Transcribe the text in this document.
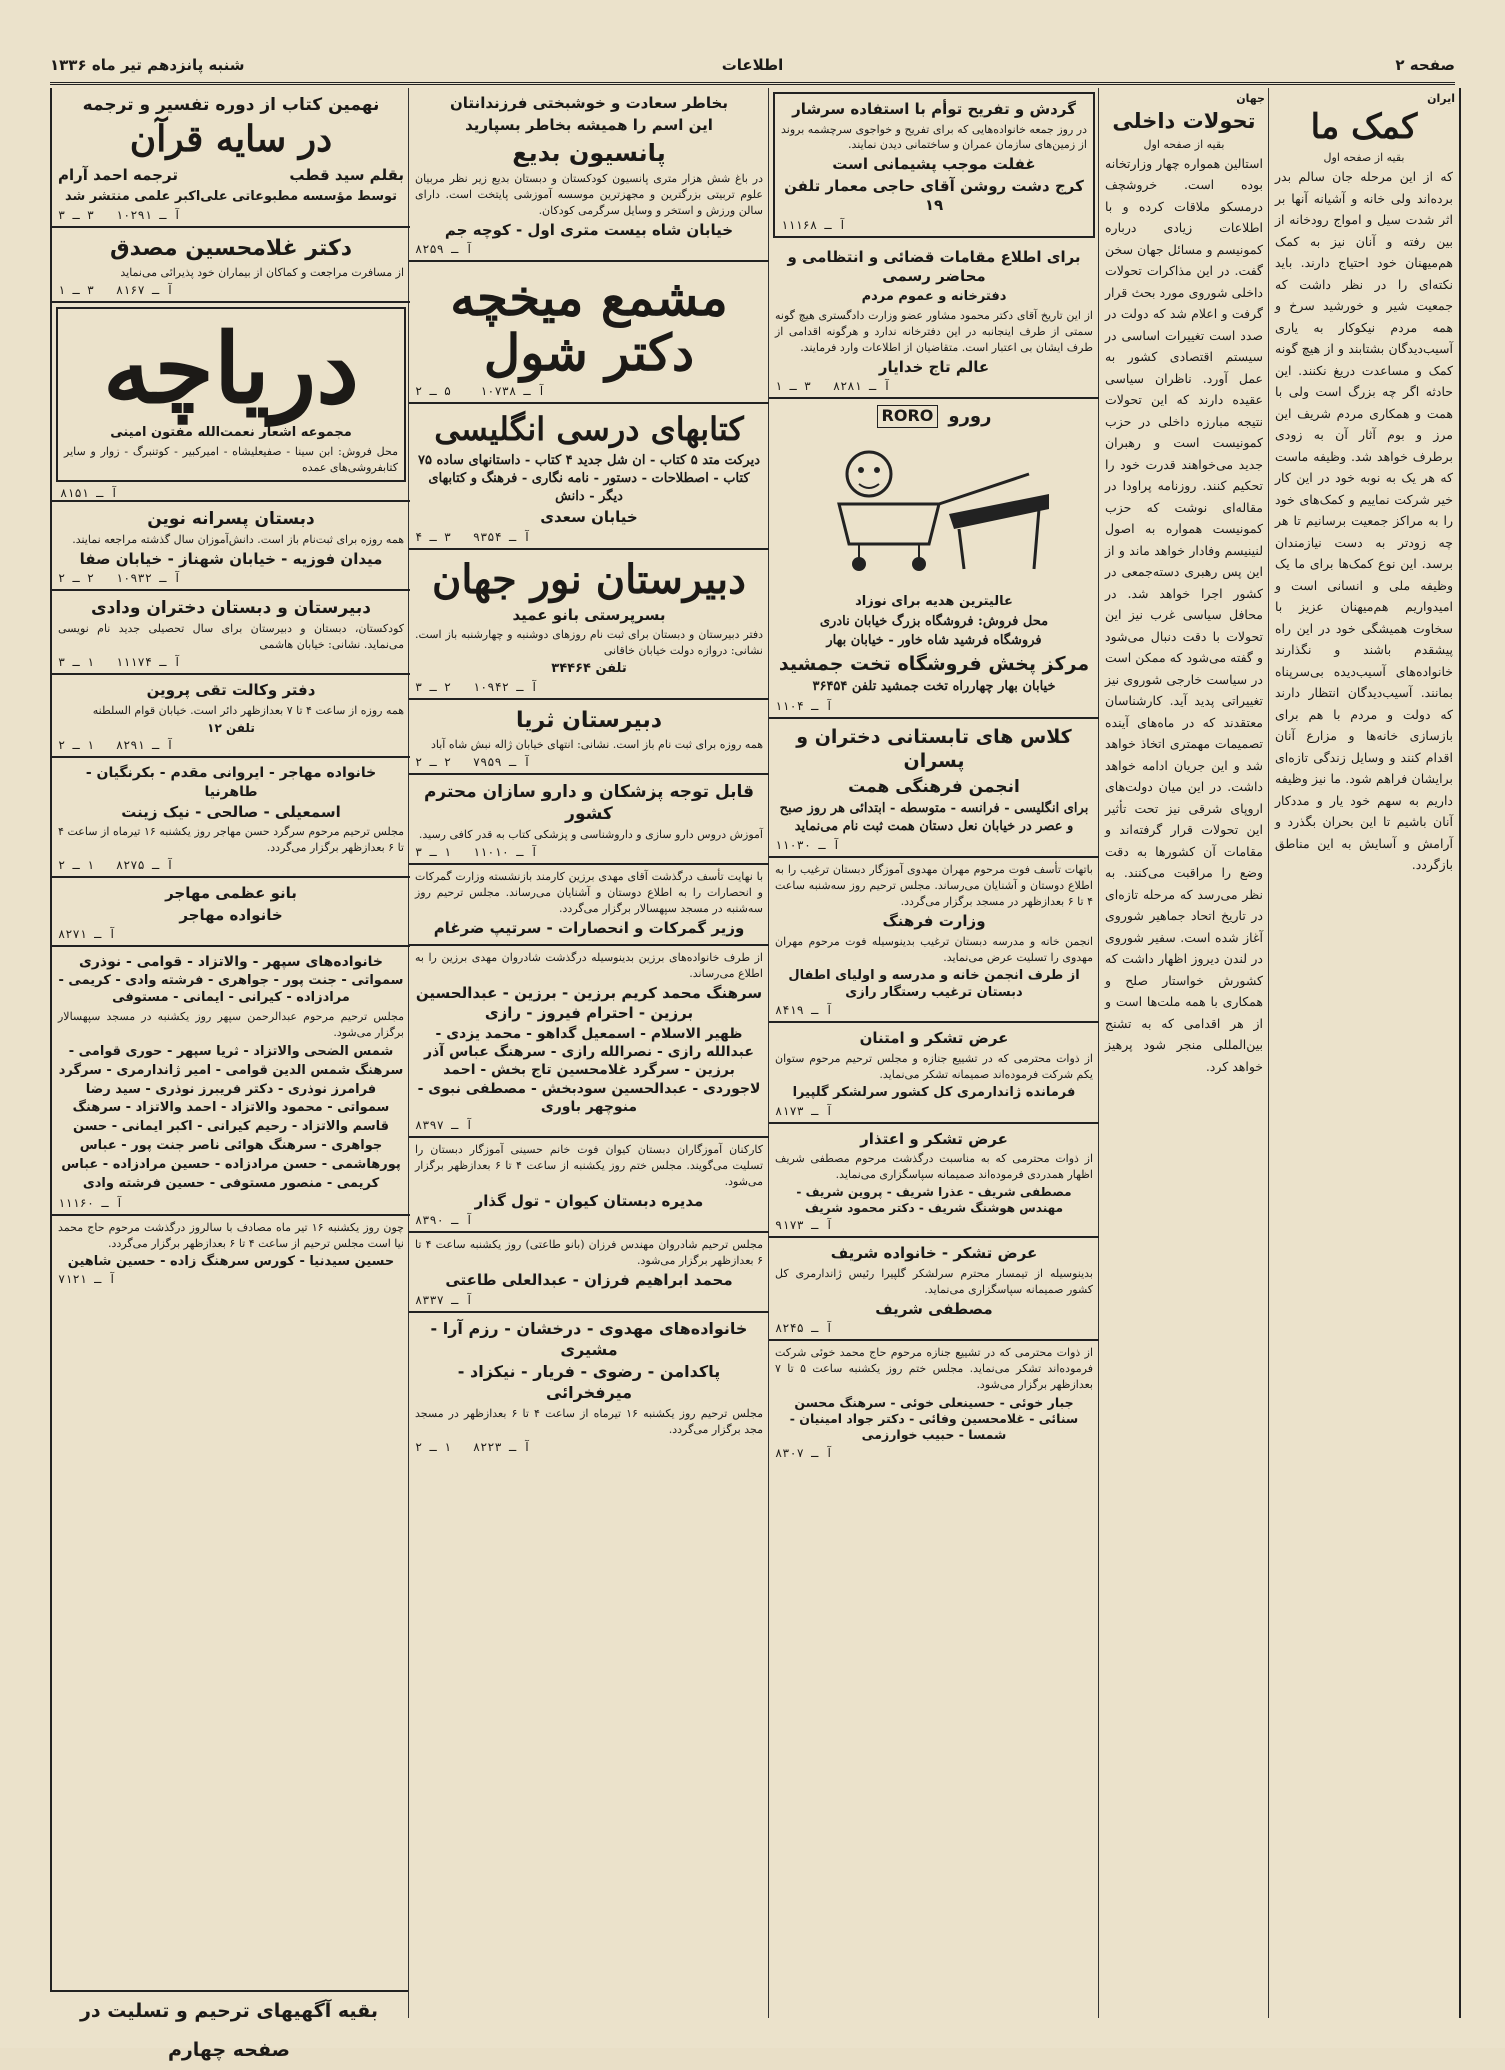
صفحه ۲
اطلاعات
شنبه پانزدهم تیر ماه ۱۳۳۶
ایران
کمک ما
بقیه از صفحه اول
که از این مرحله جان سالم بدر برده‌اند ولی خانه و آشیانه آنها بر اثر شدت سیل و امواج رودخانه از بین رفته و آنان نیز به کمک هم‌میهنان خود احتیاج دارند. باید نکته‌ای را در نظر داشت که جمعیت شیر و خورشید سرخ و همه مردم نیکوکار به یاری آسیب‌دیدگان بشتابند و از هیچ گونه کمک و مساعدت دریغ نکنند. این حادثه اگر چه بزرگ است ولی با همت و همکاری مردم شریف این مرز و بوم آثار آن به زودی برطرف خواهد شد. وظیفه ماست که هر یک به نوبه خود در این کار خیر شرکت نماییم و کمک‌های خود را به مراکز جمعیت برسانیم تا هر چه زودتر به دست نیازمندان برسد. این نوع کمک‌ها برای ما یک وظیفه ملی و انسانی است و امیدواریم هم‌میهنان عزیز با سخاوت همیشگی خود در این راه پیشقدم باشند و نگذارند خانواده‌های آسیب‌دیده بی‌سرپناه بمانند. آسیب‌دیدگان انتظار دارند که دولت و مردم با هم برای بازسازی خانه‌ها و مزارع آنان اقدام کنند و وسایل زندگی تازه‌ای برایشان فراهم شود. ما نیز وظیفه داریم به سهم خود یار و مددکار آنان باشیم تا این بحران بگذرد و آرامش و آسایش به این مناطق بازگردد.
جهان
تحولات داخلی
بقیه از صفحه اول
استالین همواره چهار وزارتخانه بوده است. خروشچف درمسکو ملاقات کرده و با اطلاعات زیادی درباره کمونیسم و مسائل جهان سخن گفت. در این مذاکرات تحولات داخلی شوروی مورد بحث قرار گرفت و اعلام شد که دولت در صدد است تغییرات اساسی در سیستم اقتصادی کشور به عمل آورد. ناظران سیاسی عقیده دارند که این تحولات نتیجه مبارزه داخلی در حزب کمونیست است و رهبران جدید می‌خواهند قدرت خود را تحکیم کنند. روزنامه پراودا در مقاله‌ای نوشت که حزب کمونیست همواره به اصول لنینیسم وفادار خواهد ماند و از این پس رهبری دسته‌جمعی در کشور اجرا خواهد شد. در محافل سیاسی غرب نیز این تحولات با دقت دنبال می‌شود و گفته می‌شود که ممکن است در سیاست خارجی شوروی نیز تغییراتی پدید آید. کارشناسان معتقدند که در ماه‌های آینده تصمیمات مهمتری اتخاذ خواهد شد و این جریان ادامه خواهد داشت. در این میان دولت‌های اروپای شرقی نیز تحت تأثیر این تحولات قرار گرفته‌اند و مقامات آن کشورها به دقت وضع را مراقبت می‌کنند. به نظر می‌رسد که مرحله تازه‌ای در تاریخ اتحاد جماهیر شوروی آغاز شده است. سفیر شوروی در لندن دیروز اظهار داشت که کشورش خواستار صلح و همکاری با همه ملت‌ها است و از هر اقدامی که به تشنج بین‌المللی منجر شود پرهیز خواهد کرد.
گردش و تفریح توأم با استفاده سرشار
در روز جمعه خانواده‌هایی که برای تفریح و خواجوی سرچشمه بروند از زمین‌های سازمان عمران و ساختمانی دیدن نمایند.
غفلت موجب پشیمانی است
کرج دشت روشن آقای حاجی معمار تلفن ۱۹
آ ـ ۱۱۱۶۸
برای اطلاع مقامات قضائی و انتظامی و محاضر رسمی
دفترخانه و عموم مردم
از این تاریخ آقای دکتر محمود مشاور عضو وزارت دادگستری هیچ گونه سمتی از طرف اینجانبه در این دفترخانه ندارد و هرگونه اقدامی از طرف ایشان بی اعتبار است. متقاضیان از اطلاعات وارد فرمایند.
عالم تاج خدایار
آ ـ ۸۲۸۱   ۳ ـ ۱
رورو
RORO
عالیترین هدیه برای نوزاد
محل فروش: فروشگاه بزرگ خیابان نادری
فروشگاه فرشید شاه خاور - خیابان بهار
مرکز پخش فروشگاه تخت جمشید
خیابان بهار چهارراه تخت جمشید تلفن ۳۶۴۵۴
آ ـ ۱۱۰۴
کلاس های تابستانی دختران و پسران
انجمن فرهنگی همت
برای انگلیسی - فرانسه - متوسطه - ابتدائی هر روز صبح و عصر در خیابان نعل دستان همت ثبت نام می‌نماید
آ ـ ۱۱۰۳۰
باتهات تأسف فوت مرحوم مهران مهدوی آموزگار دبستان ترغیب را به اطلاع دوستان و آشنایان می‌رساند. مجلس ترحیم روز سه‌شنبه ساعت ۴ تا ۶ بعدازظهر در مسجد برگزار می‌گردد.
وزارت فرهنگ
انجمن خانه و مدرسه دبستان ترغیب بدینوسیله فوت مرحوم مهران مهدوی را تسلیت عرض می‌نماید.
از طرف انجمن خانه و مدرسه و اولیای اطفال دبستان ترغیب رستگار رازی
آ ـ ۸۴۱۹
عرض تشکر و امتنان
از ذوات محترمی که در تشییع جنازه و مجلس ترحیم مرحوم ستوان یکم شرکت فرموده‌اند صمیمانه تشکر می‌نماید.
فرمانده ژاندارمری کل کشور سرلشکر گلپیرا
آ ـ ۸۱۷۳
عرض تشکر و اعتذار
از ذوات محترمی که به مناسبت درگذشت مرحوم مصطفی شریف اظهار همدردی فرموده‌اند صمیمانه سپاسگزاری می‌نماید.
مصطفی شریف - عذرا شریف - پروین شریف - مهندس هوشنگ شریف - دکتر محمود شریف
آ ـ ۹۱۷۳
عرض تشکر - خانواده شریف
بدینوسیله از تیمسار محترم سرلشکر گلپیرا رئیس ژاندارمری کل کشور صمیمانه سپاسگزاری می‌نماید.
مصطفی شریف
آ ـ ۸۲۴۵
از ذوات محترمی که در تشییع جنازه مرحوم حاج محمد خوئی شرکت فرموده‌اند تشکر می‌نماید. مجلس ختم روز یکشنبه ساعت ۵ تا ۷ بعدازظهر برگزار می‌شود.
جبار خوئی - حسینعلی خوئی - سرهنگ محسن سنائی - غلامحسین وفائی - دکتر جواد امینیان - شمسا - حبیب خوارزمی
آ ـ ۸۳۰۷
بخاطر سعادت و خوشبختی فرزندانتان
این اسم را همیشه بخاطر بسپارید
پانسیون بدیع
در باغ شش هزار متری پانسیون کودکستان و دبستان بدیع زیر نظر مربیان علوم تربیتی بزرگترین و مجهزترین موسسه آموزشی پایتخت است. دارای سالن ورزش و استخر و وسایل سرگرمی کودکان.
خیابان شاه بیست متری اول - کوچه جم
آ ـ ۸۲۵۹
مشمع میخچه دکتر شول
آ ـ ۱۰۷۳۸    ۵ ـ ۲
کتابهای درسی انگلیسی
دیرکت متد ۵ کتاب - ان شل جدید ۴ کتاب - داستانهای ساده ۷۵ کتاب - اصطلاحات - دستور - نامه نگاری - فرهنگ و کتابهای دیگر - دانش
خیابان سعدی
آ ـ ۹۳۵۴   ۳ ـ ۴
دبیرستان نور جهان
بسرپرستی بانو عمید
دفتر دبیرستان و دبستان برای ثبت نام روزهای دوشنبه و چهارشنبه باز است. نشانی: دروازه دولت خیابان خاقانی
تلفن ۳۴۴۶۴
آ ـ ۱۰۹۴۲   ۲ ـ ۳
دبیرستان ثریا
همه روزه برای ثبت نام باز است. نشانی: انتهای خیابان ژاله نبش شاه آباد
آ ـ ۷۹۵۹   ۲ ـ ۲
قابل توجه پزشکان و دارو سازان محترم کشور
آموزش دروس دارو سازی و داروشناسی و پزشکی کتاب به قدر کافی رسید.
آ ـ ۱۱۰۱۰   ۱ ـ ۳
با نهایت تأسف درگذشت آقای مهدی برزین کارمند بازنشسته وزارت گمرکات و انحصارات را به اطلاع دوستان و آشنایان می‌رساند. مجلس ترحیم روز سه‌شنبه در مسجد سپهسالار برگزار می‌گردد.
وزیر گمرکات و انحصارات - سرتیپ ضرغام
از طرف خانواده‌های برزین بدینوسیله درگذشت شادروان مهدی برزین را به اطلاع می‌رساند.
سرهنگ محمد کریم برزین - برزین - عبدالحسین برزین - احترام فیروز - رازی
ظهیر الاسلام - اسمعیل گداهو - محمد یزدی - عبدالله رازی - نصرالله رازی - سرهنگ عباس آذر برزین - سرگرد غلامحسین تاج بخش - احمد لاجوردی - عبدالحسین سودبخش - مصطفی نبوی - منوچهر باوری
آ ـ ۸۳۹۷
کارکنان آموزگاران دبستان کیوان فوت خانم حسینی آموزگار دبستان را تسلیت می‌گویند. مجلس ختم روز یکشنبه از ساعت ۴ تا ۶ بعدازظهر برگزار می‌شود.
مدیره دبستان کیوان - تول گذار
آ ـ ۸۳۹۰
مجلس ترحیم شادروان مهندس فرزان (بانو طاعتی) روز یکشنبه ساعت ۴ تا ۶ بعدازظهر برگزار می‌شود.
محمد ابراهیم فرزان - عبدالعلی طاعتی
آ ـ ۸۳۳۷
خانواده‌های مهدوی - درخشان - رزم آرا - مشیری
پاکدامن - رضوی - فریار - نیکزاد - میرفخرائی
مجلس ترحیم روز یکشنبه ۱۶ تیرماه از ساعت ۴ تا ۶ بعدازظهر در مسجد مجد برگزار می‌گردد.
آ ـ ۸۲۲۳   ۱ ـ ۲
نهمین کتاب از دوره تفسیر و ترجمه
در سایه قرآن
بقلم سید قطب
ترجمه احمد آرام
توسط مؤسسه مطبوعاتی علی‌اکبر علمی منتشر شد
آ ـ ۱۰۲۹۱   ۳ ـ ۳
دکتر غلامحسین مصدق
از مسافرت مراجعت و کماکان از بیماران خود پذیرائی می‌نماید
آ ـ ۸۱۶۷   ۳ ـ ۱
دریاچه
مجموعه اشعار نعمت‌الله مفتون امینی
محل فروش: ابن سینا - صفیعلیشاه - امیرکبیر - کوتنبرگ - زوار و سایر کتابفروشی‌های عمده
آ ـ ۸۱۵۱
دبستان پسرانه نوین
همه روزه برای ثبت‌نام باز است. دانش‌آموزان سال گذشته مراجعه نمایند.
میدان فوزیه - خیابان شهناز - خیابان صفا
آ ـ ۱۰۹۳۲   ۲ ـ ۲
دبیرستان و دبستان دختران ودادی
کودکستان، دبستان و دبیرستان برای سال تحصیلی جدید نام نویسی می‌نماید. نشانی: خیابان هاشمی
آ ـ ۱۱۱۷۴   ۱ ـ ۳
دفتر وکالت تقی پروین
همه روزه از ساعت ۴ تا ۷ بعدازظهر دائر است. خیابان قوام السلطنه
تلفن ۱۲
آ ـ ۸۲۹۱   ۱ ـ ۲
خانواده مهاجر - ایروانی مقدم - بکرنگیان - طاهرنیا
اسمعیلی - صالحی - نیک زینت
مجلس ترحیم مرحوم سرگرد حسن مهاجر روز یکشنبه ۱۶ تیرماه از ساعت ۴ تا ۶ بعدازظهر برگزار می‌گردد.
آ ـ ۸۲۷۵   ۱ ـ ۲
بانو عظمی مهاجر
خانواده مهاجر
آ ـ ۸۲۷۱
خانواده‌های سپهر - والاتزاد - قوامی - نوذری
سمواتی - جنت پور - جواهری - فرشته وادی - کریمی - مرادزاده - کیرانی - ایمانی - مستوفی
مجلس ترحیم مرحوم عبدالرحمن سپهر روز یکشنبه در مسجد سپهسالار برگزار می‌شود.
شمس الضحی والاتزاد - ثریا سپهر - حوری قوامی - سرهنگ شمس الدین قوامی - امیر ژاندارمری - سرگرد فرامرز نوذری - دکتر فریبرز نوذری - سید رضا سمواتی - محمود والاتزاد - احمد والاتزاد - سرهنگ قاسم والاتزاد - رحیم کیرانی - اکبر ایمانی - حسن جواهری - سرهنگ هوائی ناصر جنت پور - عباس پورهاشمی - حسن مرادزاده - حسین مرادزاده - عباس کریمی - منصور مستوفی - حسین فرشته وادی
آ ـ ۱۱۱۶۰
چون روز یکشنبه ۱۶ تیر ماه مصادف با سالروز درگذشت مرحوم حاج محمد نیا است مجلس ترحیم از ساعت ۴ تا ۶ بعدازظهر برگزار می‌گردد.
حسین سیدنیا - کورس سرهنگ زاده - حسین شاهین
آ ـ ۷۱۲۱
بقیه آگهیهای ترحیم و تسلیت در صفحه چهارم
